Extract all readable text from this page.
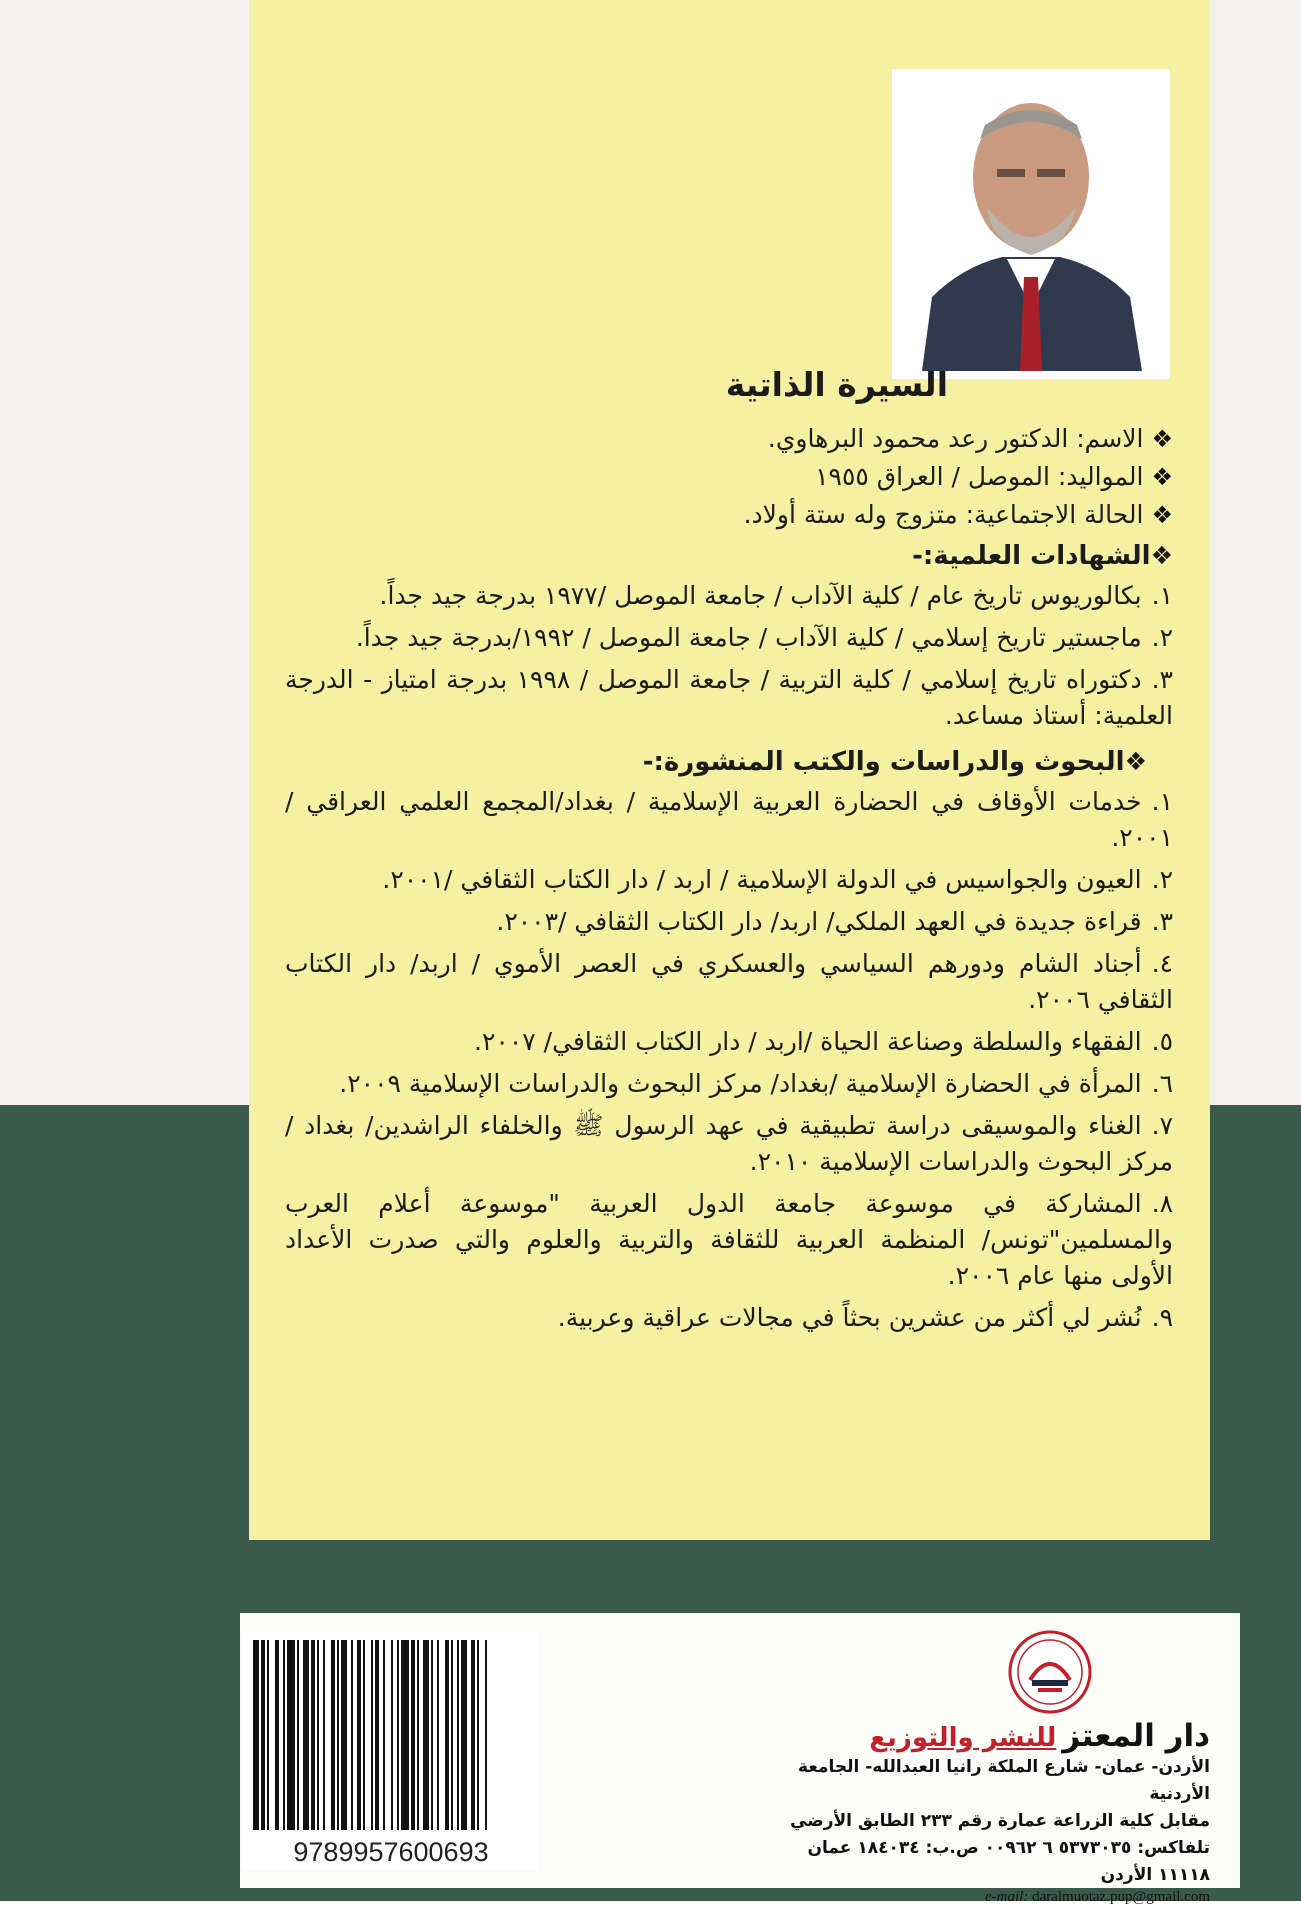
السيرة الذاتية
❖الاسم: الدكتور رعد محمود البرهاوي.
❖المواليد: الموصل / العراق ١٩٥٥
❖الحالة الاجتماعية: متزوج وله ستة أولاد.
❖الشهادات العلمية:-
١.بكالوريوس تاريخ عام / كلية الآداب / جامعة الموصل /١٩٧٧ بدرجة جيد جداً.
٢.ماجستير تاريخ إسلامي / كلية الآداب / جامعة الموصل / ١٩٩٢/بدرجة جيد جداً.
٣.دكتوراه تاريخ إسلامي / كلية التربية / جامعة الموصل / ١٩٩٨ بدرجة امتياز - الدرجة العلمية: أستاذ مساعد.
❖البحوث والدراسات والكتب المنشورة:-
١.خدمات الأوقاف في الحضارة العربية الإسلامية / بغداد/المجمع العلمي العراقي /٢٠٠١.
٢.العيون والجواسيس في الدولة الإسلامية / اربد / دار الكتاب الثقافي /٢٠٠١.
٣.قراءة جديدة في العهد الملكي/ اربد/ دار الكتاب الثقافي /٢٠٠٣.
٤.أجناد الشام ودورهم السياسي والعسكري في العصر الأموي / اربد/ دار الكتاب الثقافي ٢٠٠٦.
٥.الفقهاء والسلطة وصناعة الحياة /اربد / دار الكتاب الثقافي/ ٢٠٠٧.
٦.المرأة في الحضارة الإسلامية /بغداد/ مركز البحوث والدراسات الإسلامية ٢٠٠٩.
٧.الغناء والموسيقى دراسة تطبيقية في عهد الرسول ﷺ والخلفاء الراشدين/ بغداد / مركز البحوث والدراسات الإسلامية ٢٠١٠.
٨.المشاركة في موسوعة جامعة الدول العربية "موسوعة أعلام العرب والمسلمين"تونس/ المنظمة العربية للثقافة والتربية والعلوم والتي صدرت الأعداد الأولى منها عام ٢٠٠٦.
٩.نُشر لي أكثر من عشرين بحثاً في مجالات عراقية وعربية.
9789957600693
دار المعتزللنشر والتوزيع
الأردن- عمان- شارع الملكة رانيا العبدالله- الجامعة الأردنية
مقابل كلية الزراعة عمارة رقم ٢٣٣ الطابق الأرضي
تلفاكس: ٥٣٧٣٠٣٥ ٦ ٠٠٩٦٢ ص.ب: ١٨٤٠٣٤ عمان ١١١١٨ الأردن
e-mail: daralmuotaz.pup@gmail.com
